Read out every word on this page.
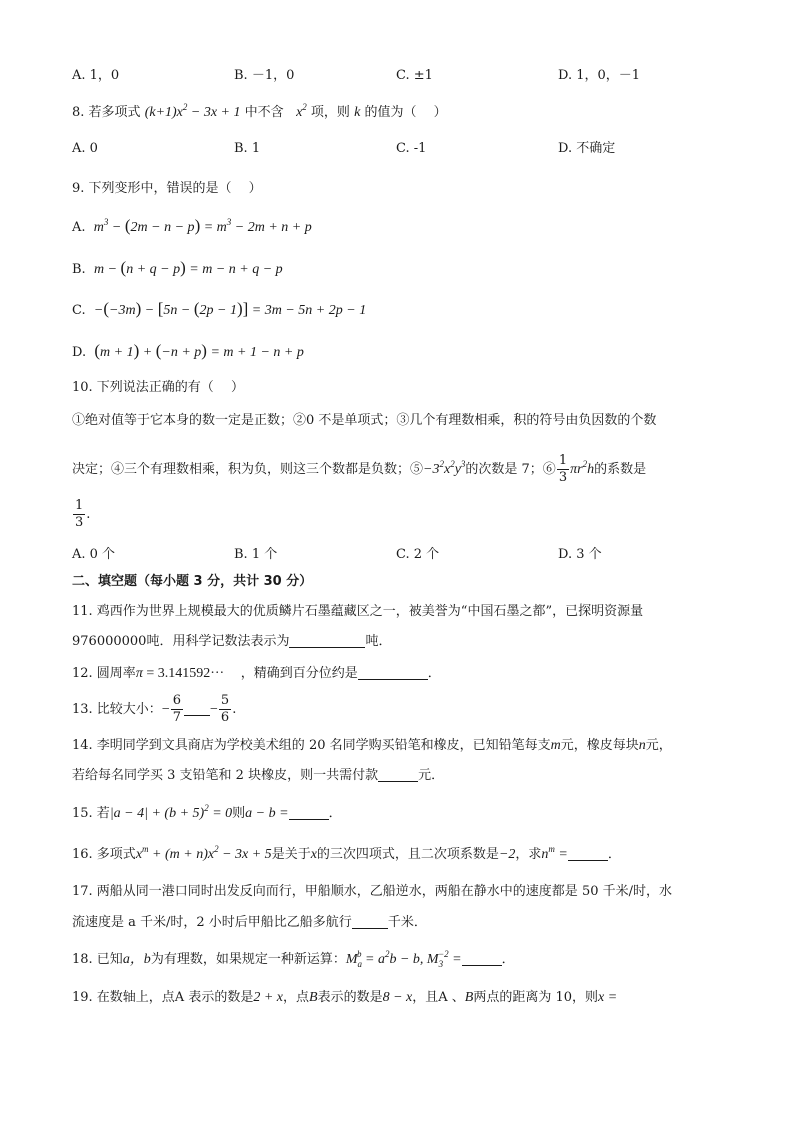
A. 1，0	B. －1，0	C. ±1	D. 1，0，－1
8. 若多项式 $(k+1)x^2 - 3x + 1$ 中不含 $x^2$ 项，则 k 的值为（　 ）
A. 0	B. 1	C. -1	D. 不确定
9. 下列变形中，错误的是（　 ）
A. $m^3 - (2m - n - p) = m^3 - 2m + n + p$
B. m − (n + q − p) = m − n + q − p
C. −(−3m) − [5n − (2p − 1)] = 3m − 5n + 2p − 1
D. (m + 1) + (−n + p) = m + 1 − n + p
10. 下列说法正确的有（　 ）
①绝对值等于它本身的数一定是正数；②0 不是单项式；③几个有理数相乘，积的符号由负因数的个数
决定；④三个有理数相乘，积为负，则这三个数都是负数；$⑤-3^2x^2y^3$的次数是 7；⑥ $\frac{1}{3} \pi r^2h$的系数是
$\frac{1}{3}$ .
A. 0 个	B. 1 个	C. 2 个	D. 3 个
二、填空题（每小题 3 分，共计 30 分）
11. 鸡西作为世界上规模最大的优质鳞片石墨蕴藏区之一，被美誉为“中国石墨之都”，已探明资源量
976000000吨．用科学记数法表示为	吨．
12. 圆周率π = 3.141592··· ，精确到百分位约是	．
13. 比较大小：− $\frac{6}{7} - \frac{5}{6}$ .
14. 李明同学到文具商店为学校美术组的 20 名同学购买铅笔和橡皮，已知铅笔每支m元，橡皮每块n元，
若给每名同学买 3 支铅笔和 2 块橡皮，则一共需付款	元．
15. 若$|a - 4| + (b + 5)^2 = 0$则a − b =	．
16. 多项式$x^m + (m + n)x^2 - 3x + 5$是关于x的三次四项式，且二次项系数是−2，求$n^m$ =	．
17. 两船从同一港口同时出发反向而行，甲船顺水，乙船逆水，两船在静水中的速度都是 50 千米/时，水
流速度是 a 千米/时，2 小时后甲船比乙船多航行	千米．
18. 已知a，b为有理数，如果规定一种新运算：$M_a^b = a^2b - b$, $M_3^{-2}$ =	．
19. 在数轴上，点A 表示的数是2 + x，点B表示的数是8 − x，且A 、B两点的距离为 10，则x =
